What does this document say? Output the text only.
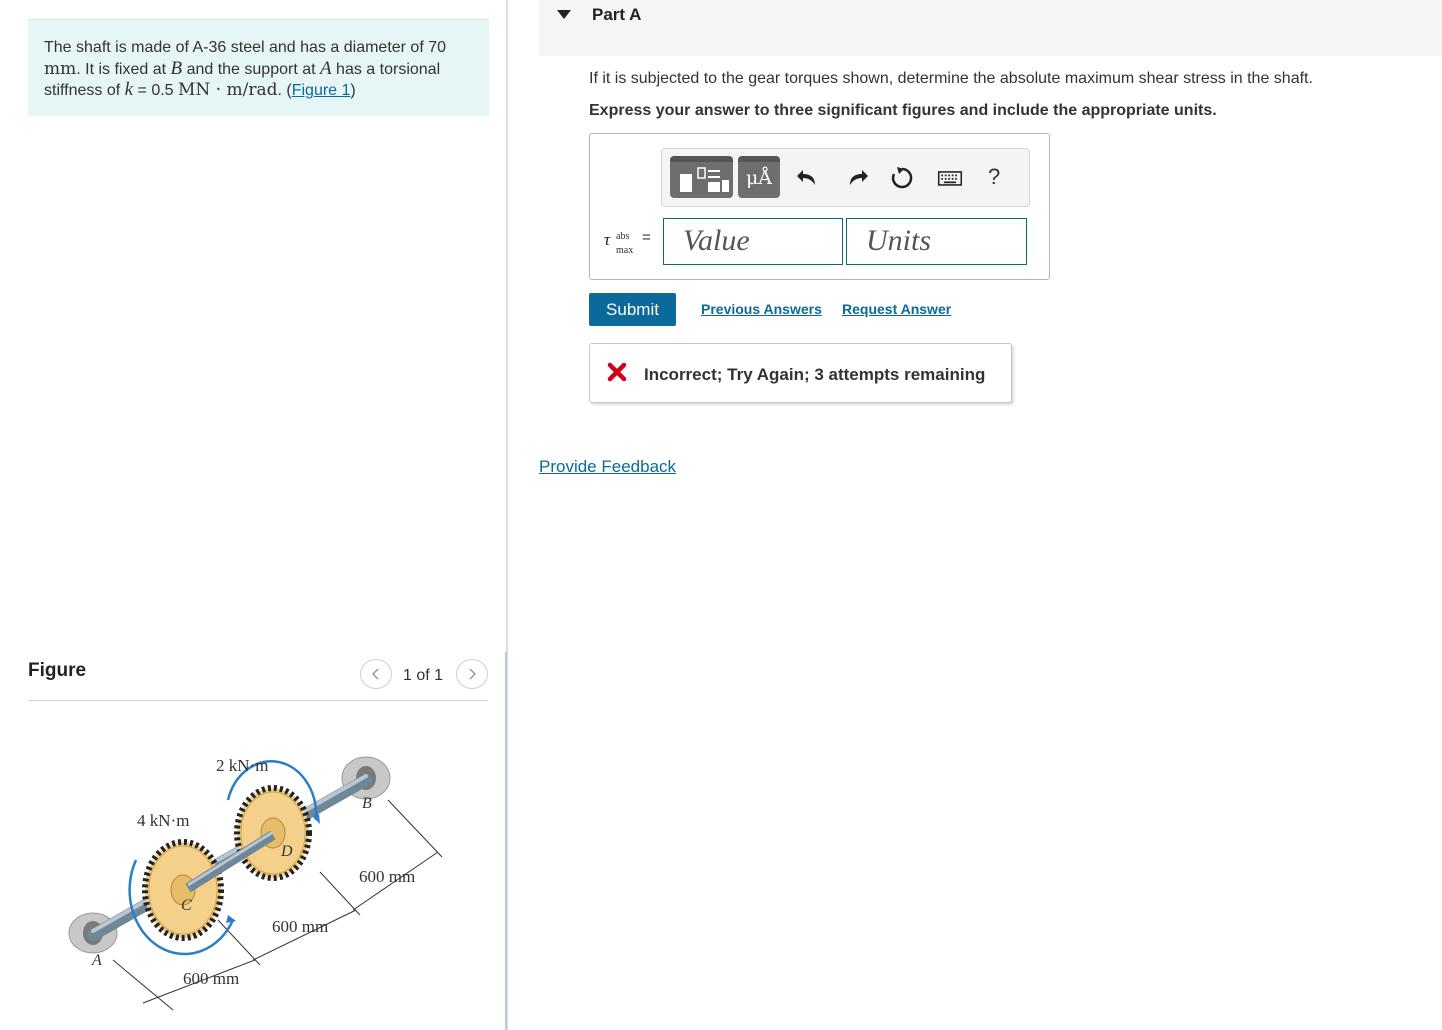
The shaft is made of A-36 steel and has a diameter of 70
mm. It is fixed at B and the support at A has a torsional
stiffness of k = 0.5 MN · m/rad. (Figure 1)
Figure	1 of 1
2 kN·m
4 kN·m
B
D
C
A
600 mm
600 mm
600 mm
Part A
If it is subjected to the gear torques shown, determine the absolute maximum shear stress in the shaft.
Express your answer to three significant figures and include the appropriate units.
μÅ	?
τ abs
max
=	Value	Units
Submit	Previous Answers Request Answer
Incorrect; Try Again; 3 attempts remaining
Provide Feedback
